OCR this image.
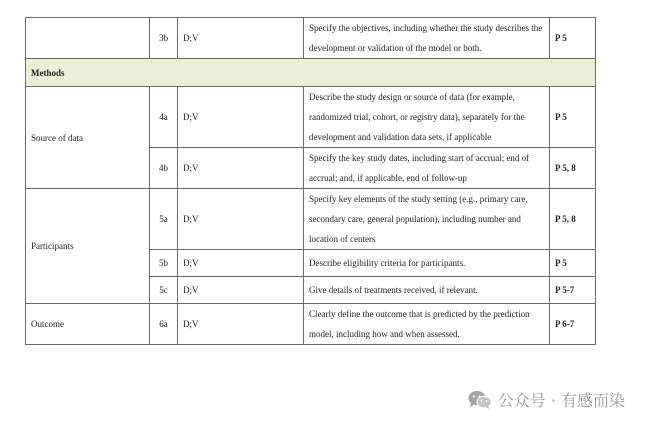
	3b	D;V	Specify the objectives, including whether the study describes the development or validation of the model or both.	P 5
Methods				
Source of data	4a	D;V	Describe the study design or source of data (for example, randomized trial, cohort, or registry data), separately for the development and validation data sets, if applicable	P 5
	4b	D;V	Specify the key study dates, including start of accrual; end of accrual; and, if applicable, end of follow-up	P 5, 8
Participants	5a	D;V	Specify key elements of the study setting (e.g., primary care, secondary care, general population), including number and location of centers	P 5, 8
	5b	D;V	Describe eligibility criteria for participants.	P 5
	5c	D;V	Give details of treatments received, if relevant.	P 5-7
Outcome	6a	D;V	Clearly define the outcome that is predicted by the prediction model, including how and when assessed.	P 6-7
公众号 · 有感而染
